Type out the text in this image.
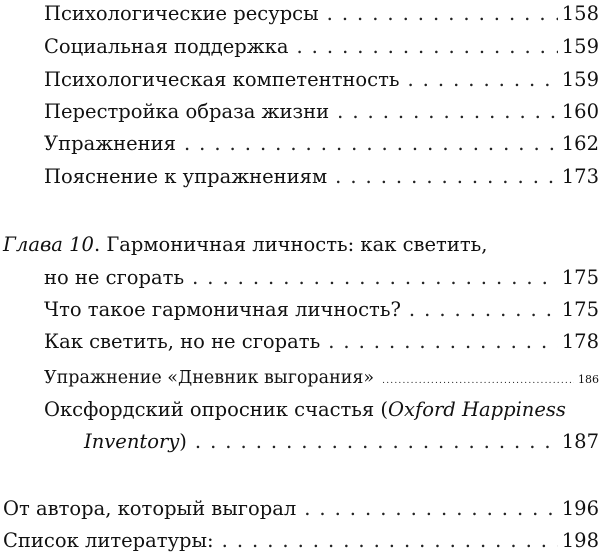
Психологические ресурсы . . .	158
Социальная поддержка . . .	159
Психологическая компетентность . . .	159
Перестройка образа жизни . . .	160
Упражнения . . .	162
Пояснение к упражнениям . . .	173
Глава 10. Гармоничная личность: как светить,
но не сгорать . . .	175
Что такое гармоничная личность? . . .	175
Как светить, но не сгорать . . .	178
Упражнение «Дневник выгорания» .....	186
Оксфордский опросник счастья (Oxford Happiness
Inventory) . . .	187
От автора, который выгорал . . .	196
Список литературы: . . .	198
